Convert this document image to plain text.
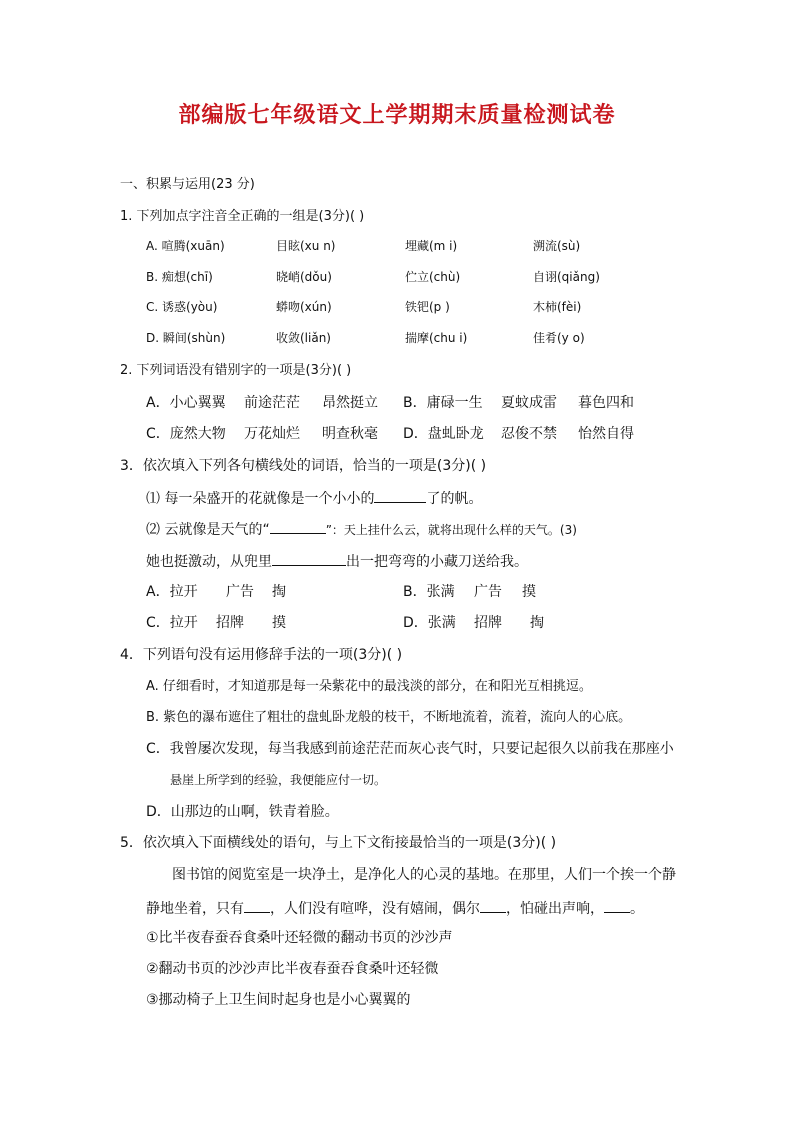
部编版七年级语文上学期期末质量检测试卷
一、积累与运用(23 分)
1. 下列加点字注音全正确的一组是(3分)( )
A. 喧腾(xuān)	目眩(xu n)	埋藏(m i)	溯流(sù)
B. 痴想(chī)	晓峭(dǒu)	伫立(chù)	自诩(qiǎng)
C. 诱惑(yòu)	蟒吻(xún)	铁钯(p )	木柿(fèi)
D. 瞬间(shùn)	收敛(liǎn)	揣摩(chu i)	佳肴(y o)
2. 下列词语没有错别字的一项是(3分)( )
A．小心翼翼 前途茫茫 昂然挺立 B．庸碌一生 夏蚊成雷 暮色四和
C．庞然大物 万花灿烂 明查秋毫 D．盘虬卧龙 忍俊不禁 怡然自得
3．依次填入下列各句横线处的词语，恰当的一项是(3分)( )
⑴ 每一朵盛开的花就像是一个小小的	了的帆。
⑵ 云就像是天气的“	”：天上挂什么云，就将出现什么样的天气。(3)
她也挺激动，从兜里	出一把弯弯的小藏刀送给我。
A．拉开 广告 掏	B．张满 广告 摸
C．拉开 招牌 摸	D．张满 招牌 掏
4．下列语句没有运用修辞手法的一项(3分)( )
A. 仔细看时，才知道那是每一朵紫花中的最浅淡的部分，在和阳光互相挑逗。
B. 紫色的瀑布遮住了粗壮的盘虬卧龙般的枝干，不断地流着，流着，流向人的心底。
C．我曾屡次发现，每当我感到前途茫茫而灰心丧气时，只要记起很久以前我在那座小
悬崖上所学到的经验，我便能应付一切。
D．山那边的山啊，铁青着脸。
5．依次填入下面横线处的语句，与上下文衔接最恰当的一项是(3分)( )
图书馆的阅览室是一块净土，是净化人的心灵的基地。在那里，人们一个挨一个静
静地坐着，只有 ，人们没有喧哗，没有嬉闹，偶尔 ，怕碰出声响， 。
①比半夜春蚕吞食桑叶还轻微的翻动书页的沙沙声
②翻动书页的沙沙声比半夜春蚕吞食桑叶还轻微
③挪动椅子上卫生间时起身也是小心翼翼的
